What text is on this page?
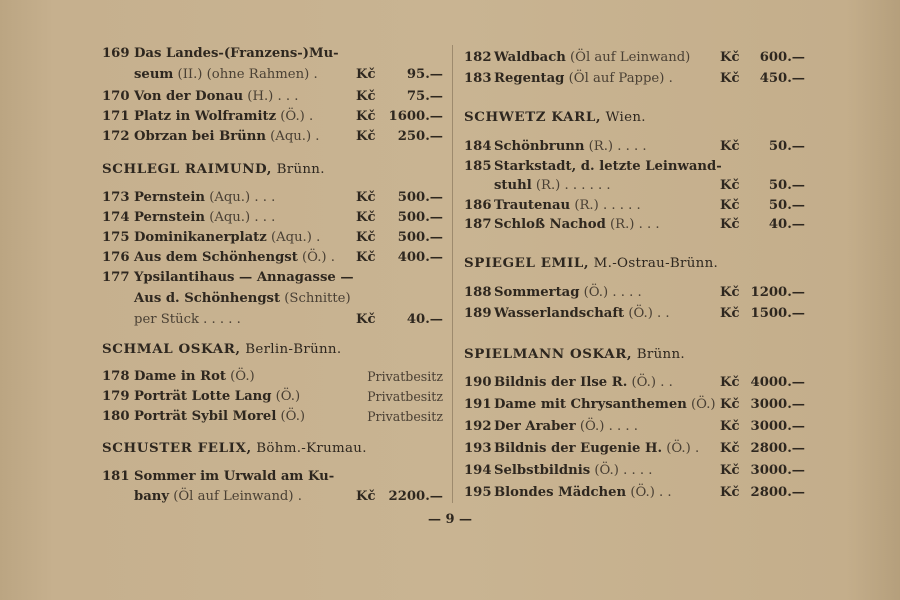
169 Das Landes-(Franzens-)Mu-
seum (II.) (ohne Rahmen) .	Kč 95.—
170 Von der Donau (H.) . . .	Kč 75.—
171 Platz in Wolframitz (Ö.) .	Kč 1600.—
172 Obrzan bei Brünn (Aqu.) .	Kč 250.—
173 Pernstein (Aqu.) . . .	Kč 500.—
174 Pernstein (Aqu.) . . .	Kč 500.—
175 Dominikanerplatz (Aqu.) .	Kč 500.—
176 Aus dem Schönhengst (Ö.) . Kč 400.—
177 Ypsilantihaus — Annagasse —
Aus d. Schönhengst (Schnitte)
per Stück . . . . .	Kč 40.—
178 Dame in Rot (Ö.)	Privatbesitz
179 Porträt Lotte Lang (Ö.)	Privatbesitz
180 Porträt Sybil Morel (Ö.)	Privatbesitz
181 Sommer im Urwald am Ku-
bany (Öl auf Leinwand) .	Kč 2200.—
SCHLEGL RAIMUND, Brünn.
SCHMAL OSKAR, Berlin-Brünn.
SCHUSTER FELIX, Böhm.-Krumau.
182 Waldbach (Öl auf Leinwand) Kč 600.—
183 Regentag (Öl auf Pappe) .	Kč 450.—
184 Schönbrunn (R.) . . . .	Kč 50.—
185 Starkstadt, d. letzte Leinwand-
stuhl (R.) . . . . . .	Kč 50.—
186 Trautenau (R.) . . . . .	Kč 50.—
187 Schloß Nachod (R.) . . .	Kč 40.—
188 Sommertag (Ö.) . . . .	Kč 1200.—
189 Wasserlandschaft (Ö.) . .	Kč 1500.—
190 Bildnis der Ilse R. (Ö.) . .	Kč 4000.—
191 Dame mit Chrysanthemen (Ö.) Kč 3000.—
192 Der Araber (Ö.) . . . .	Kč 3000.—
193 Bildnis der Eugenie H. (Ö.) . Kč 2800.—
194 Selbstbildnis (Ö.) . . . .	Kč 3000.—
195 Blondes Mädchen (Ö.) . .	Kč 2800.—
SCHWETZ KARL, Wien.
SPIEGEL EMIL, M.-Ostrau-Brünn.
SPIELMANN OSKAR, Brünn.
— 9 —
